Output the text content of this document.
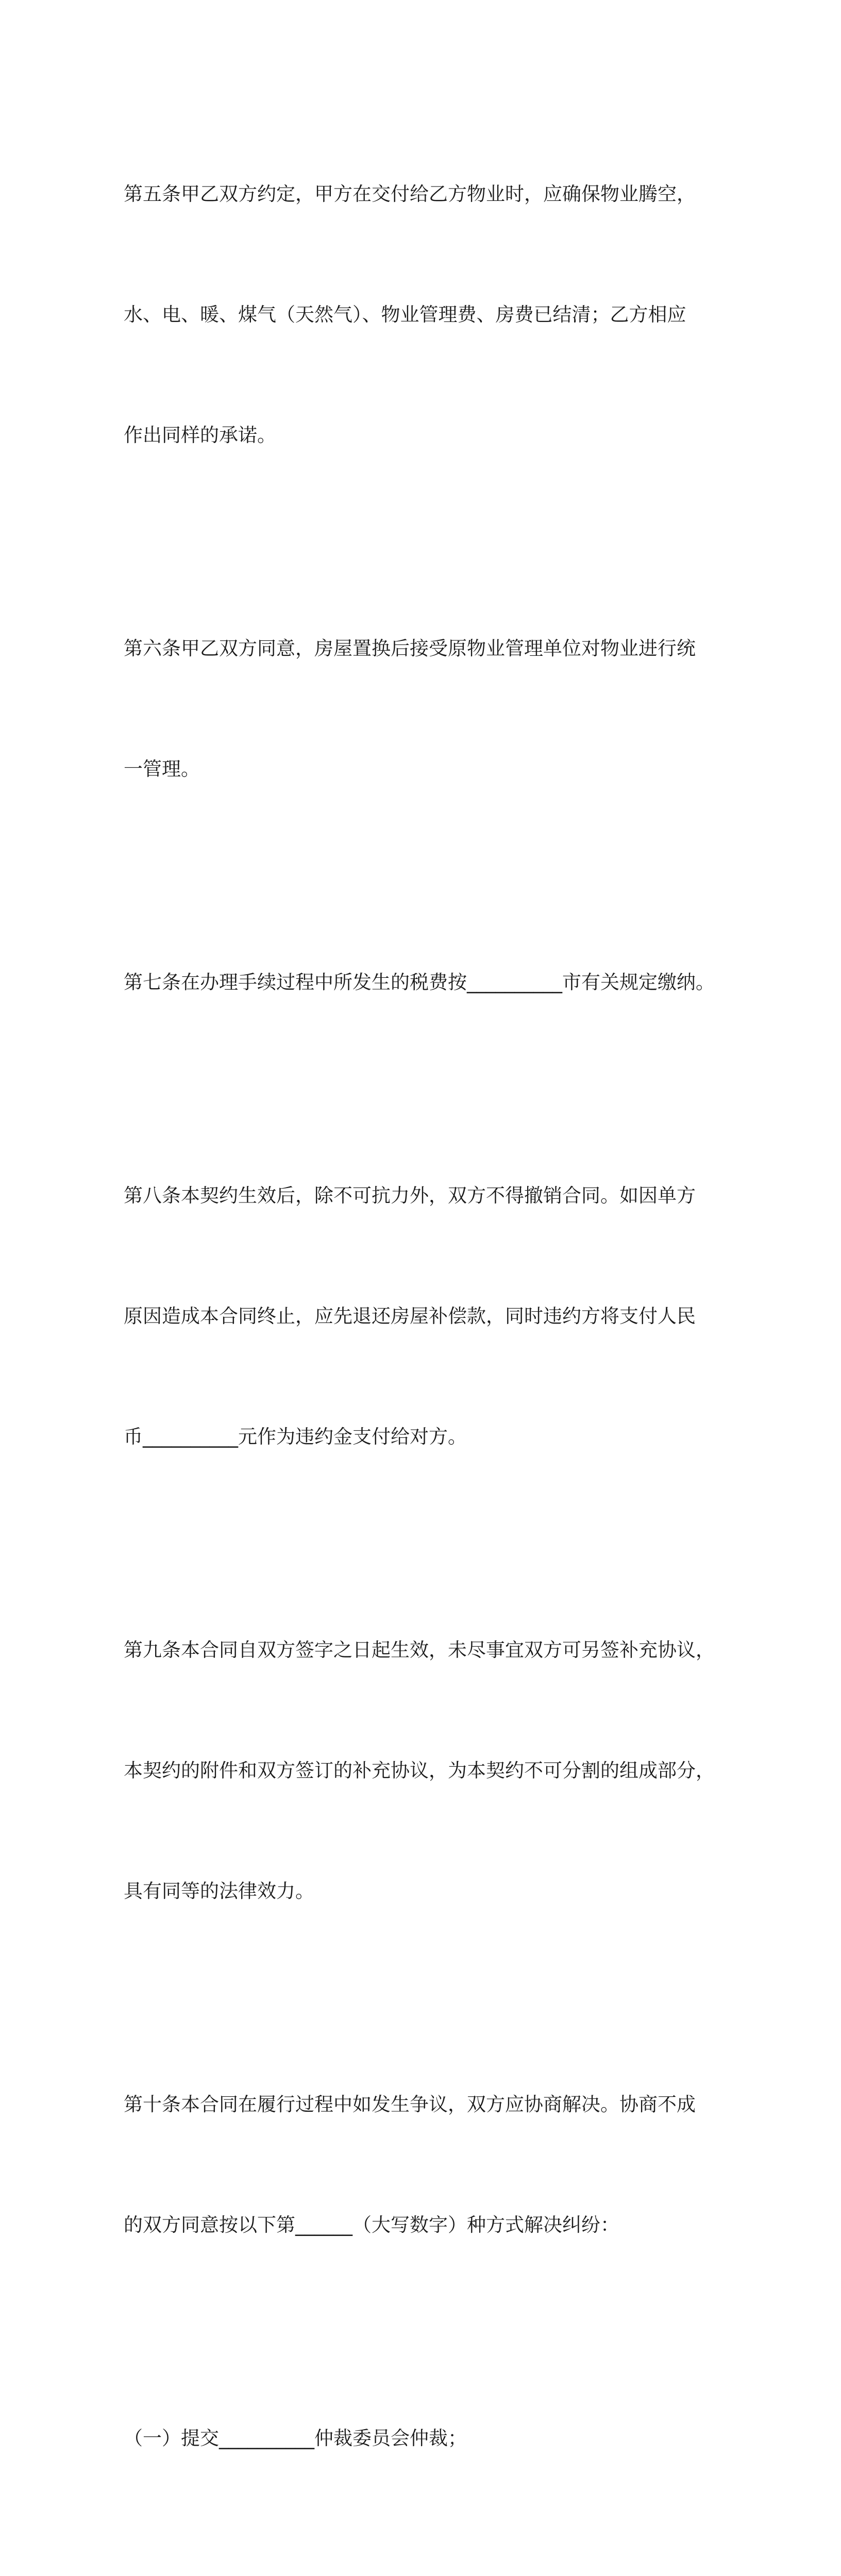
第五条甲乙双方约定，甲方在交付给乙方物业时，应确保物业腾空，

水、电、暖、煤气（天然气）、物业管理费、房费已结清；乙方相应

作出同样的承诺。

第六条甲乙双方同意，房屋置换后接受原物业管理单位对物业进行统

一管理。

第七条在办理手续过程中所发生的税费按__________市有关规定缴纳。

第八条本契约生效后，除不可抗力外，双方不得撤销合同。如因单方

原因造成本合同终止，应先退还房屋补偿款，同时违约方将支付人民

币__________元作为违约金支付给对方。

第九条本合同自双方签字之日起生效，未尽事宜双方可另签补充协议，

本契约的附件和双方签订的补充协议，为本契约不可分割的组成部分，

具有同等的法律效力。

第十条本合同在履行过程中如发生争议，双方应协商解决。协商不成

的双方同意按以下第______（大写数字）种方式解决纠纷：

（一）提交__________仲裁委员会仲裁；
